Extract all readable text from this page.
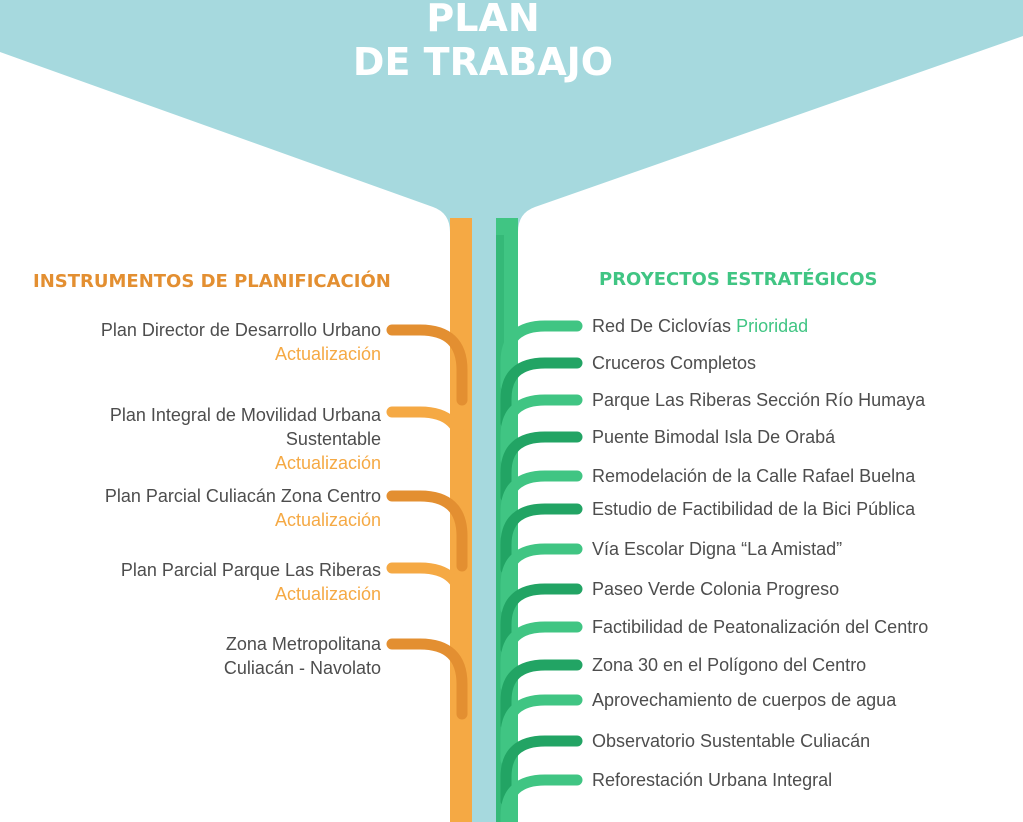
PLAN
DE TRABAJO
INSTRUMENTOS DE PLANIFICACIÓN	PROYECTOS ESTRATÉGICOS
Plan Director de Desarrollo Urbano
Actualización
Plan Integral de Movilidad Urbana
Sustentable
Actualización
Plan Parcial Culiacán Zona Centro
Actualización
Plan Parcial Parque Las Riberas
Actualización
Zona Metropolitana
Culiacán - Navolato
Red De Ciclovías Prioridad
Cruceros Completos
Parque Las Riberas Sección Río Humaya
Puente Bimodal Isla De Orabá
Remodelación de la Calle Rafael Buelna
Estudio de Factibilidad de la Bici Pública
Vía Escolar Digna “La Amistad”
Paseo Verde Colonia Progreso
Factibilidad de Peatonalización del Centro
Zona 30 en el Polígono del Centro
Aprovechamiento de cuerpos de agua
Observatorio Sustentable Culiacán
Reforestación Urbana Integral
